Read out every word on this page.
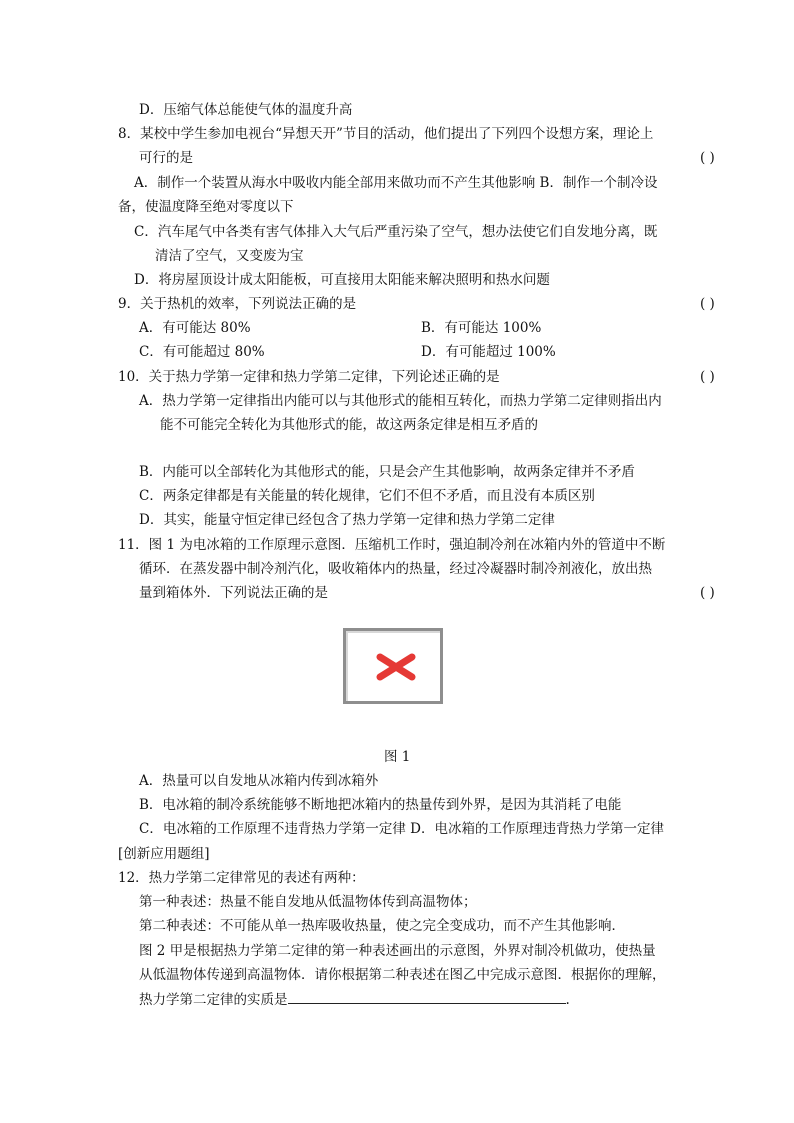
D．压缩气体总能使气体的温度升高
8．某校中学生参加电视台“异想天开”节目的活动，他们提出了下列四个设想方案，理论上
可行的是	( )
A．制作一个装置从海水中吸收内能全部用来做功而不产生其他影响 B．制作一个制冷设
备，使温度降至绝对零度以下
C．汽车尾气中各类有害气体排入大气后严重污染了空气，想办法使它们自发地分离，既
清洁了空气，又变废为宝
D．将房屋顶设计成太阳能板，可直接用太阳能来解决照明和热水问题
9．关于热机的效率，下列说法正确的是	( )
A．有可能达 80%	B．有可能达 100%
C．有可能超过 80%	D．有可能超过 100%
10．关于热力学第一定律和热力学第二定律，下列论述正确的是	( )
A．热力学第一定律指出内能可以与其他形式的能相互转化，而热力学第二定律则指出内
能不可能完全转化为其他形式的能，故这两条定律是相互矛盾的
B．内能可以全部转化为其他形式的能，只是会产生其他影响，故两条定律并不矛盾
C．两条定律都是有关能量的转化规律，它们不但不矛盾，而且没有本质区别
D．其实，能量守恒定律已经包含了热力学第一定律和热力学第二定律
11．图 1 为电冰箱的工作原理示意图．压缩机工作时，强迫制冷剂在冰箱内外的管道中不断
循环．在蒸发器中制冷剂汽化，吸收箱体内的热量，经过冷凝器时制冷剂液化，放出热
量到箱体外．下列说法正确的是	( )
图 1
A．热量可以自发地从冰箱内传到冰箱外
B．电冰箱的制冷系统能够不断地把冰箱内的热量传到外界，是因为其消耗了电能
C．电冰箱的工作原理不违背热力学第一定律 D．电冰箱的工作原理违背热力学第一定律
[创新应用题组]
12．热力学第二定律常见的表述有两种：
第一种表述：热量不能自发地从低温物体传到高温物体；
第二种表述：不可能从单一热库吸收热量，使之完全变成功，而不产生其他影响．
图 2 甲是根据热力学第二定律的第一种表述画出的示意图，外界对制冷机做功，使热量
从低温物体传递到高温物体．请你根据第二种表述在图乙中完成示意图．根据你的理解，
热力学第二定律的实质是	.
